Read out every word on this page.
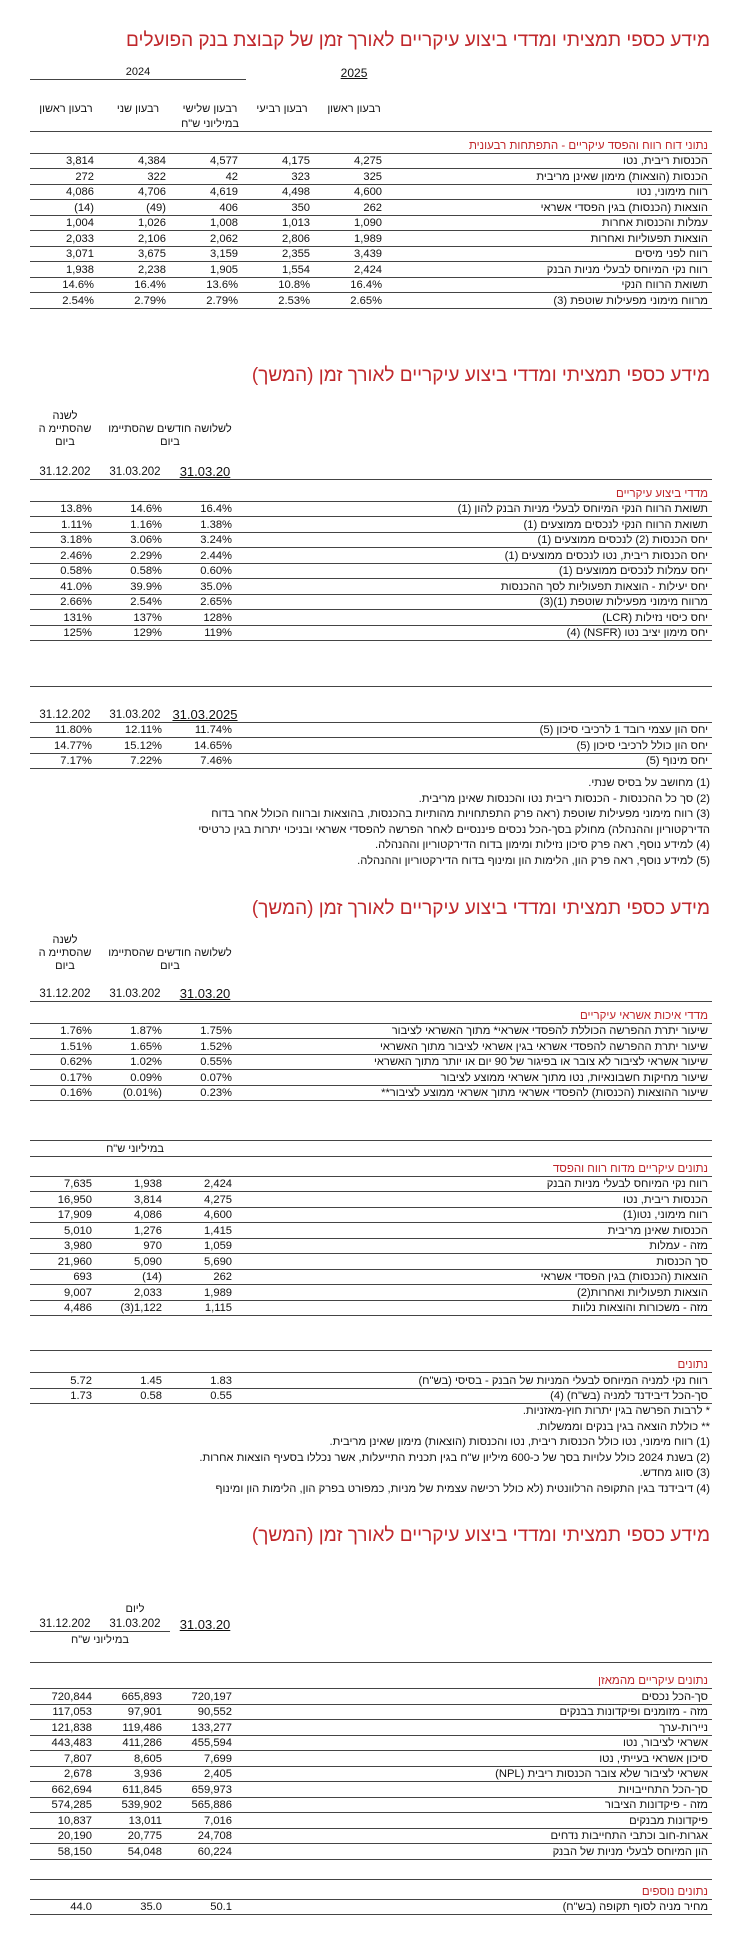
מידע כספי תמציתי ומדדי ביצוע עיקריים לאורך זמן של קבוצת בנק הפועלים
2024				2025	
רבעון ראשון	רבעון שני	רבעון שלישי	רבעון רביעי	רבעון ראשון	
במיליוני ש"ח					
					נתוני דוח רווח והפסד עיקריים - התפתחות רבעונית
3,814	4,384	4,577	4,175	4,275	הכנסות ריבית, נטו
272	322	42	323	325	הכנסות (הוצאות) מימון שאינן מריבית
4,086	4,706	4,619	4,498	4,600	רווח מימוני, נטו
(14)	(49)	406	350	262	הוצאות (הכנסות) בגין הפסדי אשראי
1,004	1,026	1,008	1,013	1,090	עמלות והכנסות אחרות
2,033	2,106	2,062	2,806	1,989	הוצאות תפעוליות ואחרות
3,071	3,675	3,159	2,355	3,439	רווח לפני מיסים
1,938	2,238	1,905	1,554	2,424	רווח נקי המיוחס לבעלי מניות הבנק
14.6%	16.4%	13.6%	10.8%	16.4%	תשואת הרווח הנקי
2.54%	2.79%	2.79%	2.53%	2.65%	מרווח מימוני מפעילות שוטפת (3)
מידע כספי תמציתי ומדדי ביצוע עיקריים לאורך זמן (המשך)
לשנה שהסתיימ ה ביום	לשלושה חודשים שהסתיימו ביום		
31.12.202	31.03.202	31.03.20	
			מדדי ביצוע עיקריים
13.8%	14.6%	16.4%	תשואת הרווח הנקי המיוחס לבעלי מניות הבנק להון (1)
1.11%	1.16%	1.38%	תשואת הרווח הנקי לנכסים ממוצעים (1)
3.18%	3.06%	3.24%	יחס הכנסות (2) לנכסים ממוצעים (1)
2.46%	2.29%	2.44%	יחס הכנסות ריבית, נטו לנכסים ממוצעים (1)
0.58%	0.58%	0.60%	יחס עמלות לנכסים ממוצעים (1)
41.0%	39.9%	35.0%	יחס יעילות - הוצאות תפעוליות לסך ההכנסות
2.66%	2.54%	2.65%	מרווח מימוני מפעילות שוטפת (1)(3)
131%	137%	128%	יחס כיסוי נזילות (LCR)
125%	129%	119%	יחס מימון יציב נטו (NSFR) (4)
31.12.202	31.03.202	31.03.2025	
11.80%	12.11%	11.74%	יחס הון עצמי רובד 1 לרכיבי סיכון (5)
14.77%	15.12%	14.65%	יחס הון כולל לרכיבי סיכון (5)
7.17%	7.22%	7.46%	יחס מינוף (5)
(1) מחושב על בסיס שנתי.
(2) סך כל ההכנסות - הכנסות ריבית נטו והכנסות שאינן מריבית.
(3) רווח מימוני מפעילות שוטפת (ראה פרק התפתחויות מהותיות בהכנסות, בהוצאות וברווח הכולל אחר בדוח
הדירקטוריון וההנהלה) מחולק בסך-הכל נכסים פיננסיים לאחר הפרשה להפסדי אשראי ובניכוי יתרות בגין כרטיסי
(4) למידע נוסף, ראה פרק סיכון נזילות ומימון בדוח הדירקטוריון וההנהלה.
(5) למידע נוסף, ראה פרק הון, הלימות הון ומינוף בדוח הדירקטוריון וההנהלה.
מידע כספי תמציתי ומדדי ביצוע עיקריים לאורך זמן (המשך)
לשנה שהסתיימ ה ביום	לשלושה חודשים שהסתיימו ביום		
31.12.202	31.03.202	31.03.20	
			מדדי איכות אשראי עיקריים
1.76%	1.87%	1.75%	שיעור יתרת ההפרשה הכוללת להפסדי אשראי* מתוך האשראי לציבור
1.51%	1.65%	1.52%	שיעור יתרת ההפרשה להפסדי אשראי בגין אשראי לציבור מתוך האשראי
0.62%	1.02%	0.55%	שיעור אשראי לציבור לא צובר או בפיגור של 90 יום או יותר מתוך האשראי
0.17%	0.09%	0.07%	שיעור מחיקות חשבונאיות, נטו מתוך אשראי ממוצע לציבור
0.16%	(0.01%)	0.23%	שיעור ההוצאות (הכנסות) להפסדי אשראי מתוך אשראי ממוצע לציבור**
במיליוני ש"ח			
			נתונים עיקריים מדוח רווח והפסד
7,635	1,938	2,424	רווח נקי המיוחס לבעלי מניות הבנק
16,950	3,814	4,275	הכנסות ריבית, נטו
17,909	4,086	4,600	רווח מימוני, נטו(1)
5,010	1,276	1,415	הכנסות שאינן מריבית
3,980	970	1,059	מזה - עמלות
21,960	5,090	5,690	סך הכנסות
693	(14)	262	הוצאות (הכנסות) בגין הפסדי אשראי
9,007	2,033	1,989	הוצאות תפעוליות ואחרות(2)
4,486	(3)1,122	1,115	מזה - משכורות והוצאות נלוות
			נתונים
5.72	1.45	1.83	רווח נקי למניה המיוחס לבעלי המניות של הבנק - בסיסי (בש"ח)
1.73	0.58	0.55	סך-הכל דיבידנד למניה (בש"ח) (4)
* לרבות הפרשה בגין יתרות חוץ-מאזניות.
** כוללת הוצאה בגין בנקים וממשלות.
(1) רווח מימוני, נטו כולל הכנסות ריבית, נטו והכנסות (הוצאות) מימון שאינן מריבית.
(2) בשנת 2024 כולל עלויות בסך של כ-600 מיליון ש"ח בגין תכנית התייעלות, אשר נכללו בסעיף הוצאות אחרות.
(3) סווג מחדש.
(4) דיבידנד בגין התקופה הרלוונטית (לא כולל רכישה עצמית של מניות, כמפורט בפרק הון, הלימות הון ומינוף
מידע כספי תמציתי ומדדי ביצוע עיקריים לאורך זמן (המשך)
	ליום		
31.12.202	31.03.202	31.03.20	
במיליוני ש"ח			

			נתונים עיקריים מהמאזן
720,844	665,893	720,197	סך-הכל נכסים
117,053	97,901	90,552	מזה - מזומנים ופיקדונות בבנקים
121,838	119,486	133,277	ניירות-ערך
443,483	411,286	455,594	אשראי לציבור, נטו
7,807	8,605	7,699	סיכון אשראי בעייתי, נטו
2,678	3,936	2,405	אשראי לציבור שלא צובר הכנסות ריבית (NPL)
662,694	611,845	659,973	סך-הכל התחייבויות
574,285	539,902	565,886	מזה - פיקדונות הציבור
10,837	13,011	7,016	פיקדונות מבנקים
20,190	20,775	24,708	אגרות-חוב וכתבי התחייבות נדחים
58,150	54,048	60,224	הון המיוחס לבעלי מניות של הבנק

			נתונים נוספים
44.0	35.0	50.1	מחיר מניה לסוף תקופה (בש"ח)
